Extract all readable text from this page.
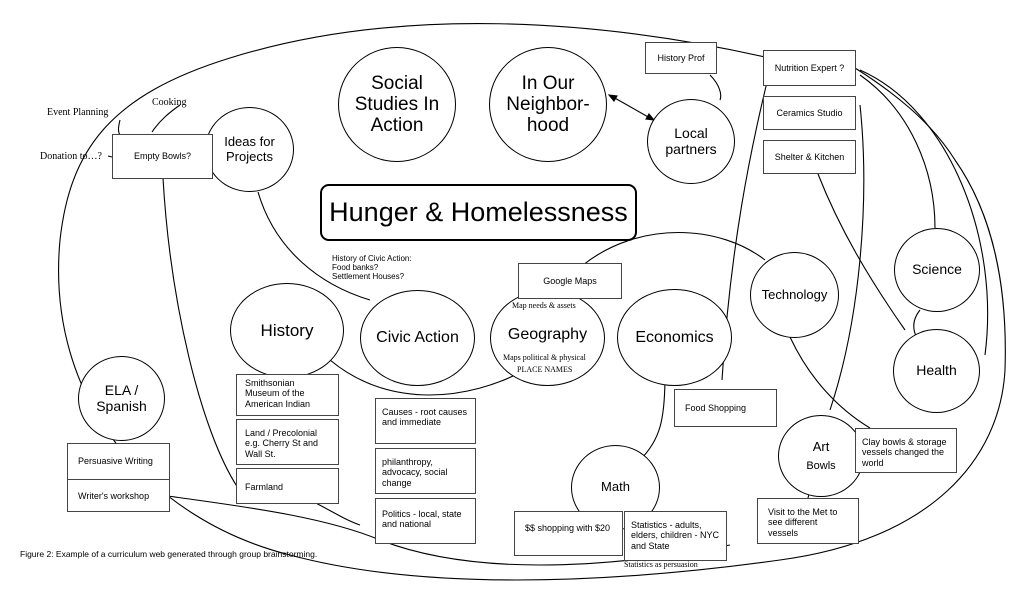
Hunger & Homelessness
Social Studies In Action
In Our Neighbor-hood	Local partners
Ideas for Projects
History	Civic Action	Geography	Economics
Technology
Science
Health
ELA / Spanish
Math
Art
Bowls
History Prof
Nutrition Expert ?
Ceramics Studio
Shelter & Kitchen
Empty Bowls?
Google Maps
Smithsonian Museum of the American Indian
Land / Precolonial e.g. Cherry St and Wall St.
Farmland
Causes - root causes and immediate
philanthropy, advocacy, social change
Politics - local, state and national
Food Shopping
Clay bowls & storage vessels changed the world
Visit to the Met to see different vessels
Persuasive Writing
Writer's workshop
$$ shopping with $20	Statistics - adults, elders, children - NYC and State
Event Planning
Cooking
Donation to…?
History of Civic Action: Food banks? Settlement Houses?
Map needs & assets
Maps political & physical
PLACE NAMES
Statistics as persuasion
Figure 2: Example of a curriculum web generated through group brainstorming.
